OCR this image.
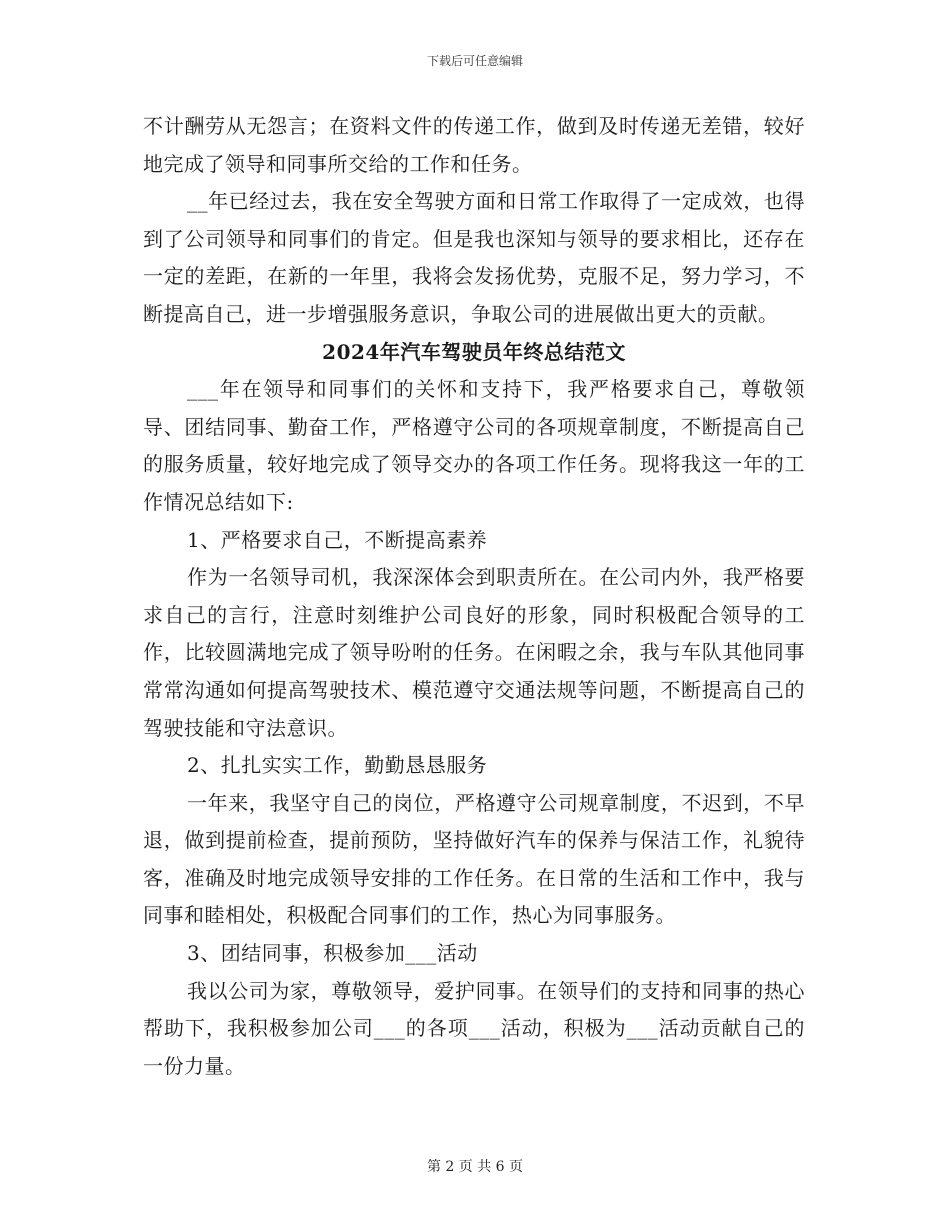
下载后可任意编辑

不计酬劳从无怨言；在资料文件的传递工作，做到及时传递无差错，较好地完成了领导和同事所交给的工作和任务。

__年已经过去，我在安全驾驶方面和日常工作取得了一定成效，也得到了公司领导和同事们的肯定。但是我也深知与领导的要求相比，还存在一定的差距，在新的一年里，我将会发扬优势，克服不足，努力学习，不断提高自己，进一步增强服务意识，争取公司的进展做出更大的贡献。

2024年汽车驾驶员年终总结范文

___年在领导和同事们的关怀和支持下，我严格要求自己，尊敬领导、团结同事、勤奋工作，严格遵守公司的各项规章制度，不断提高自己的服务质量，较好地完成了领导交办的各项工作任务。现将我这一年的工作情况总结如下:

1、严格要求自己，不断提高素养

作为一名领导司机，我深深体会到职责所在。在公司内外，我严格要求自己的言行，注意时刻维护公司良好的形象，同时积极配合领导的工作，比较圆满地完成了领导吩咐的任务。在闲暇之余，我与车队其他同事常常沟通如何提高驾驶技术、模范遵守交通法规等问题，不断提高自己的驾驶技能和守法意识。

2、扎扎实实工作，勤勤恳恳服务

一年来，我坚守自己的岗位，严格遵守公司规章制度，不迟到，不早退，做到提前检查，提前预防，坚持做好汽车的保养与保洁工作，礼貌待客，准确及时地完成领导安排的工作任务。在日常的生活和工作中，我与同事和睦相处，积极配合同事们的工作，热心为同事服务。

3、团结同事，积极参加___活动

我以公司为家，尊敬领导，爱护同事。在领导们的支持和同事的热心帮助下，我积极参加公司___的各项___活动，积极为___活动贡献自己的一份力量。

第 2 页 共 6 页
